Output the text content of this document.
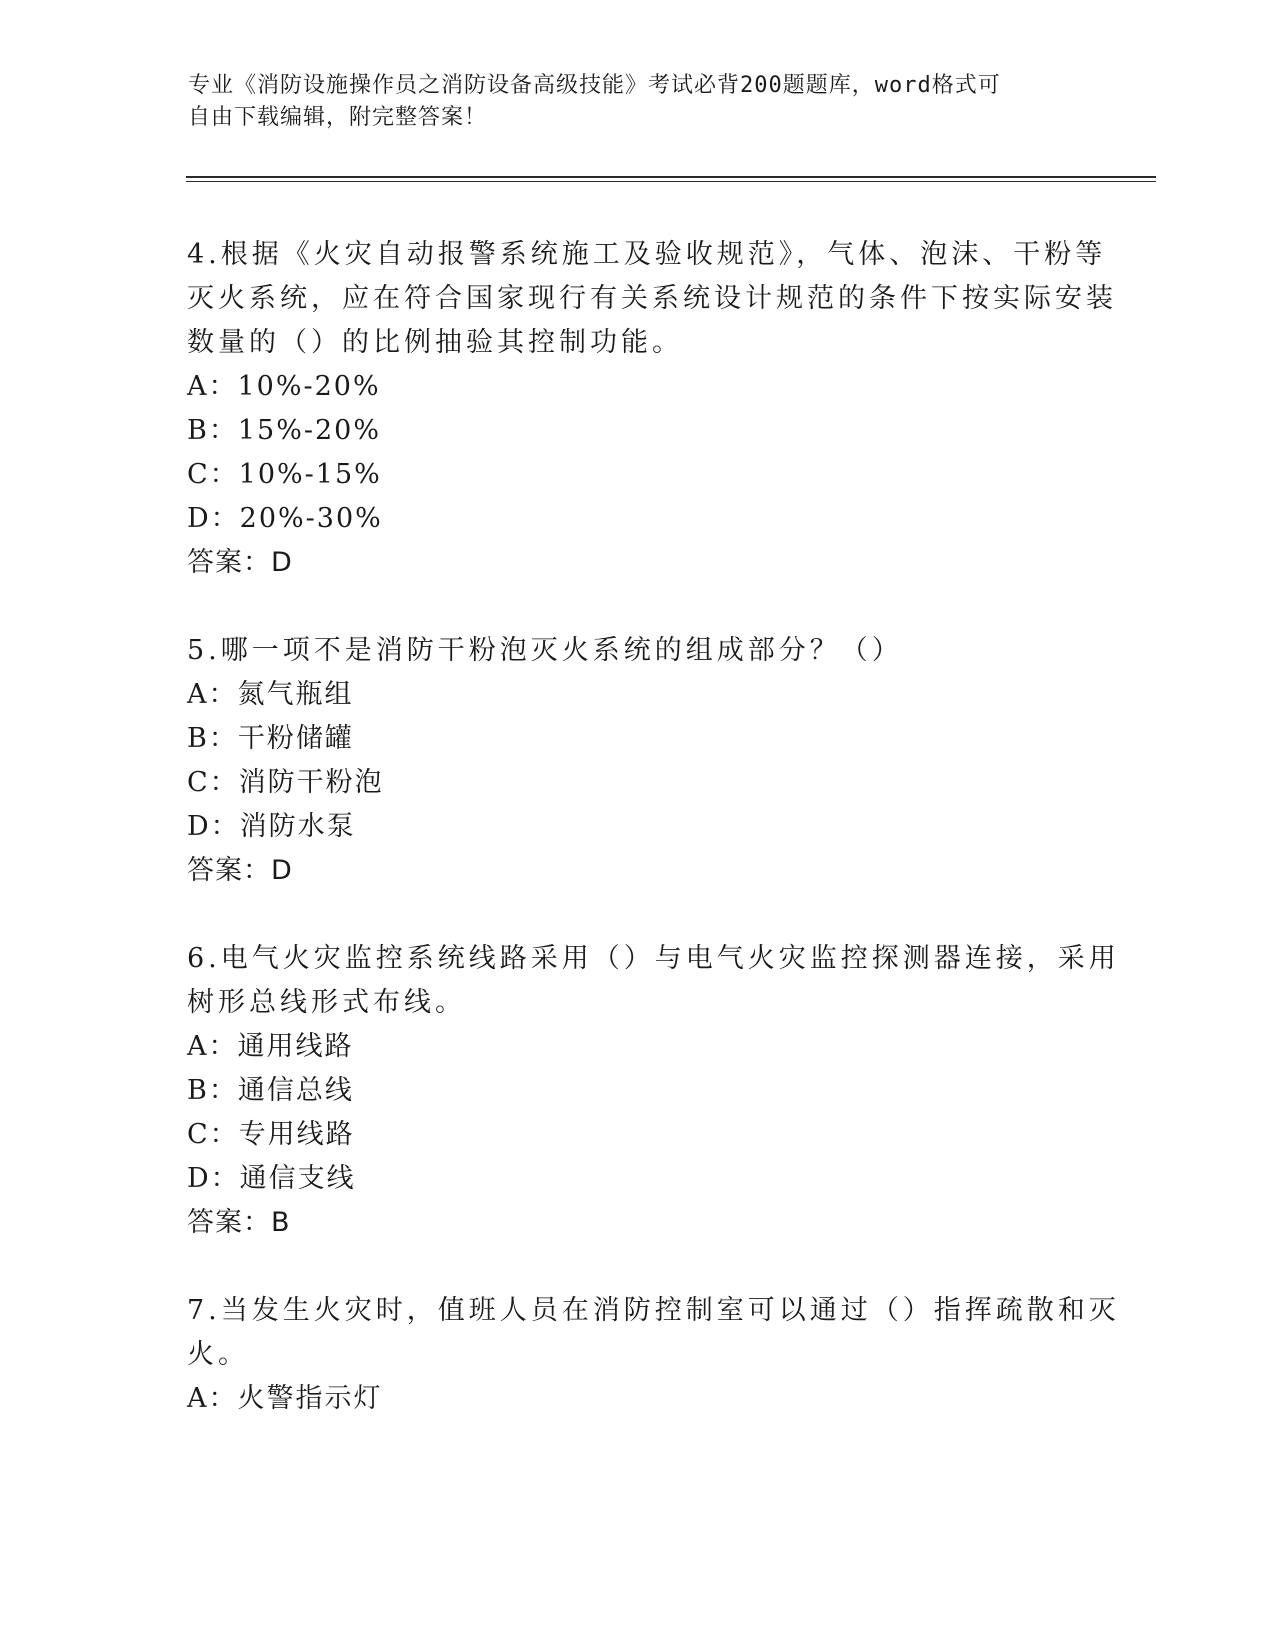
专业《消防设施操作员之消防设备高级技能》考试必背200题题库，word格式可
自由下载编辑，附完整答案！
4.根据《火灾自动报警系统施工及验收规范》，气体、泡沫、干粉等
灭火系统，应在符合国家现行有关系统设计规范的条件下按实际安装
数量的（）的比例抽验其控制功能。
A：10%-20%
B：15%-20%
C：10%-15%
D：20%-30%
答案：D
5.哪一项不是消防干粉泡灭火系统的组成部分？（）
A：氮气瓶组
B：干粉储罐
C：消防干粉泡
D：消防水泵
答案：D
6.电气火灾监控系统线路采用（）与电气火灾监控探测器连接，采用
树形总线形式布线。
A：通用线路
B：通信总线
C：专用线路
D：通信支线
答案：B
7.当发生火灾时，值班人员在消防控制室可以通过（）指挥疏散和灭
火。
A：火警指示灯
